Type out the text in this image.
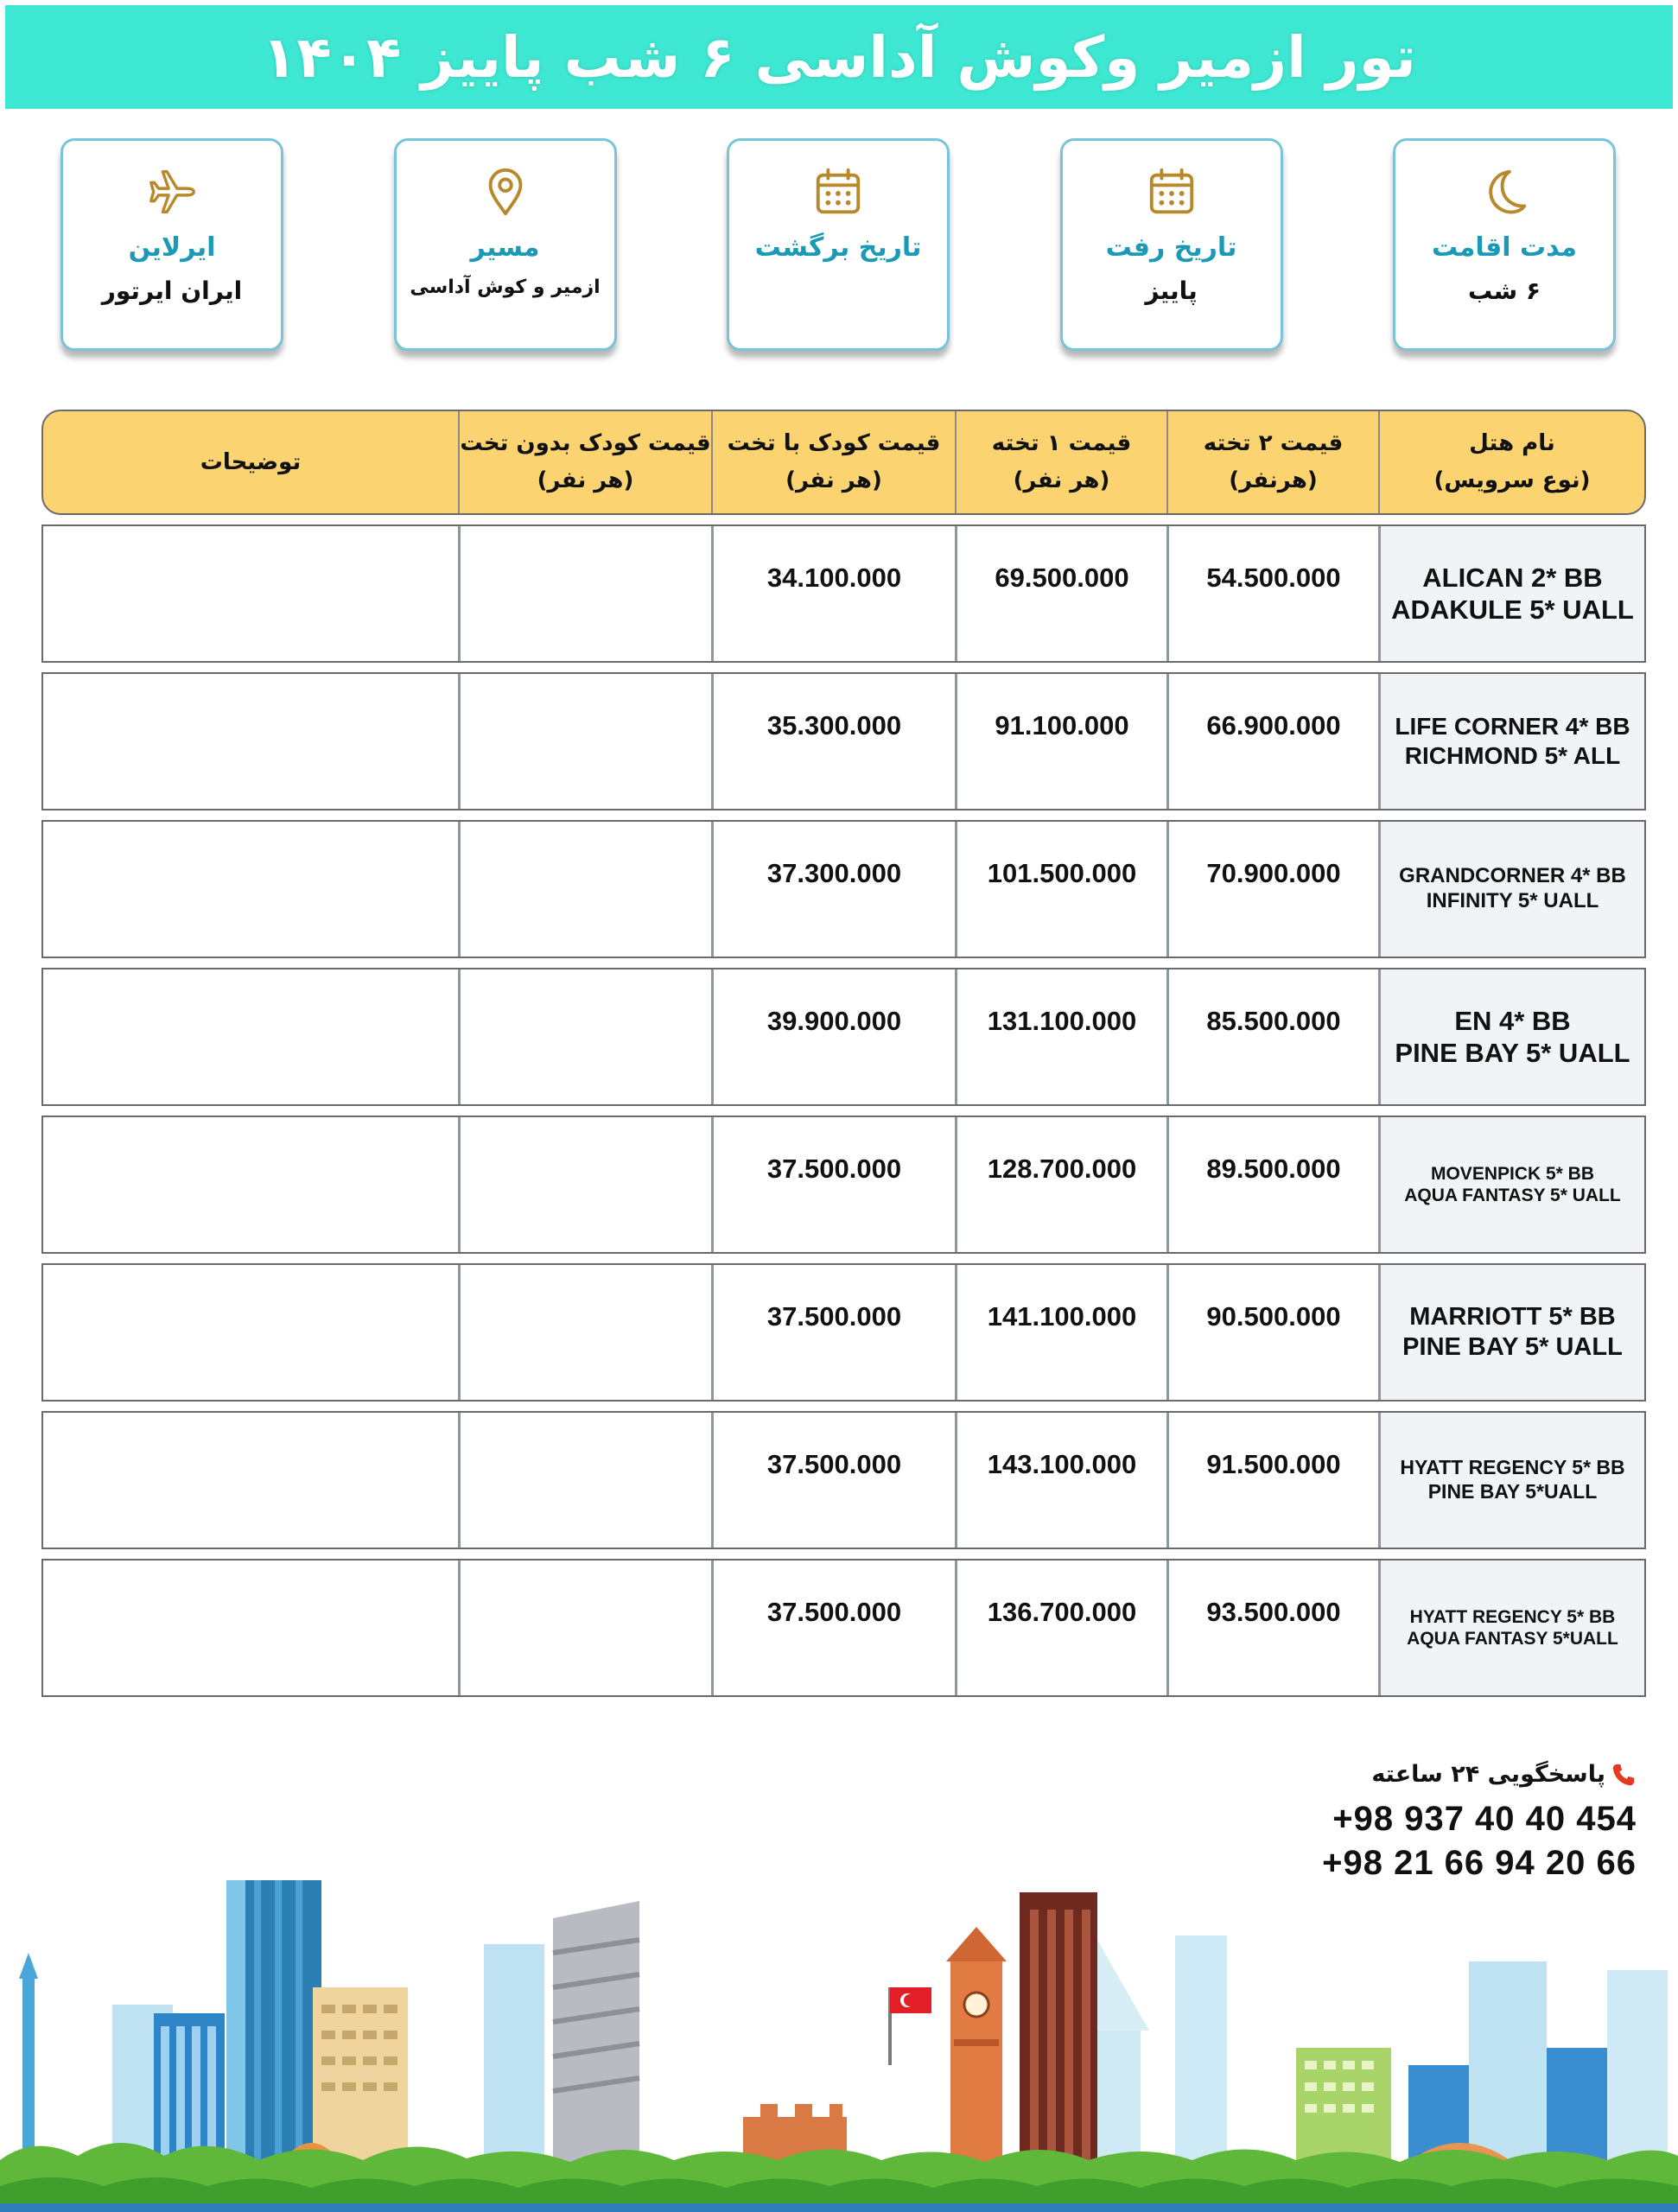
تور ازمیر وکوش آداسی ۶ شب پاییز ۱۴۰۴
مدت اقامت
۶ شب
تاریخ رفت
پاییز
تاریخ برگشت
مسیر
ازمیر و کوش آداسی
ایرلاین
ایران ایرتور
نام هتل
(نوع سرویس)
قیمت ۲ تخته
(هرنفر)
قیمت ۱ تخته
(هر نفر)
قیمت کودک با تخت
(هر نفر)
قیمت کودک بدون تخت
(هر نفر)
توضیحات
ALICAN 2* BB
ADAKULE 5* UALL
54.500.000
69.500.000
34.100.000
LIFE CORNER 4* BB
RICHMOND 5* ALL
66.900.000
91.100.000
35.300.000
GRANDCORNER 4* BB
INFINITY 5* UALL
70.900.000
101.500.000
37.300.000
EN 4* BB
PINE BAY 5* UALL
85.500.000
131.100.000
39.900.000
MOVENPICK 5* BB
AQUA FANTASY 5* UALL
89.500.000
128.700.000
37.500.000
MARRIOTT 5* BB
PINE BAY 5* UALL
90.500.000
141.100.000
37.500.000
HYATT REGENCY 5* BB
PINE BAY 5*UALL
91.500.000
143.100.000
37.500.000
HYATT REGENCY 5* BB
AQUA FANTASY 5*UALL
93.500.000
136.700.000
37.500.000
پاسخگویی ۲۴ ساعته
+98 937 40 40 454
+98 21 66 94 20 66
